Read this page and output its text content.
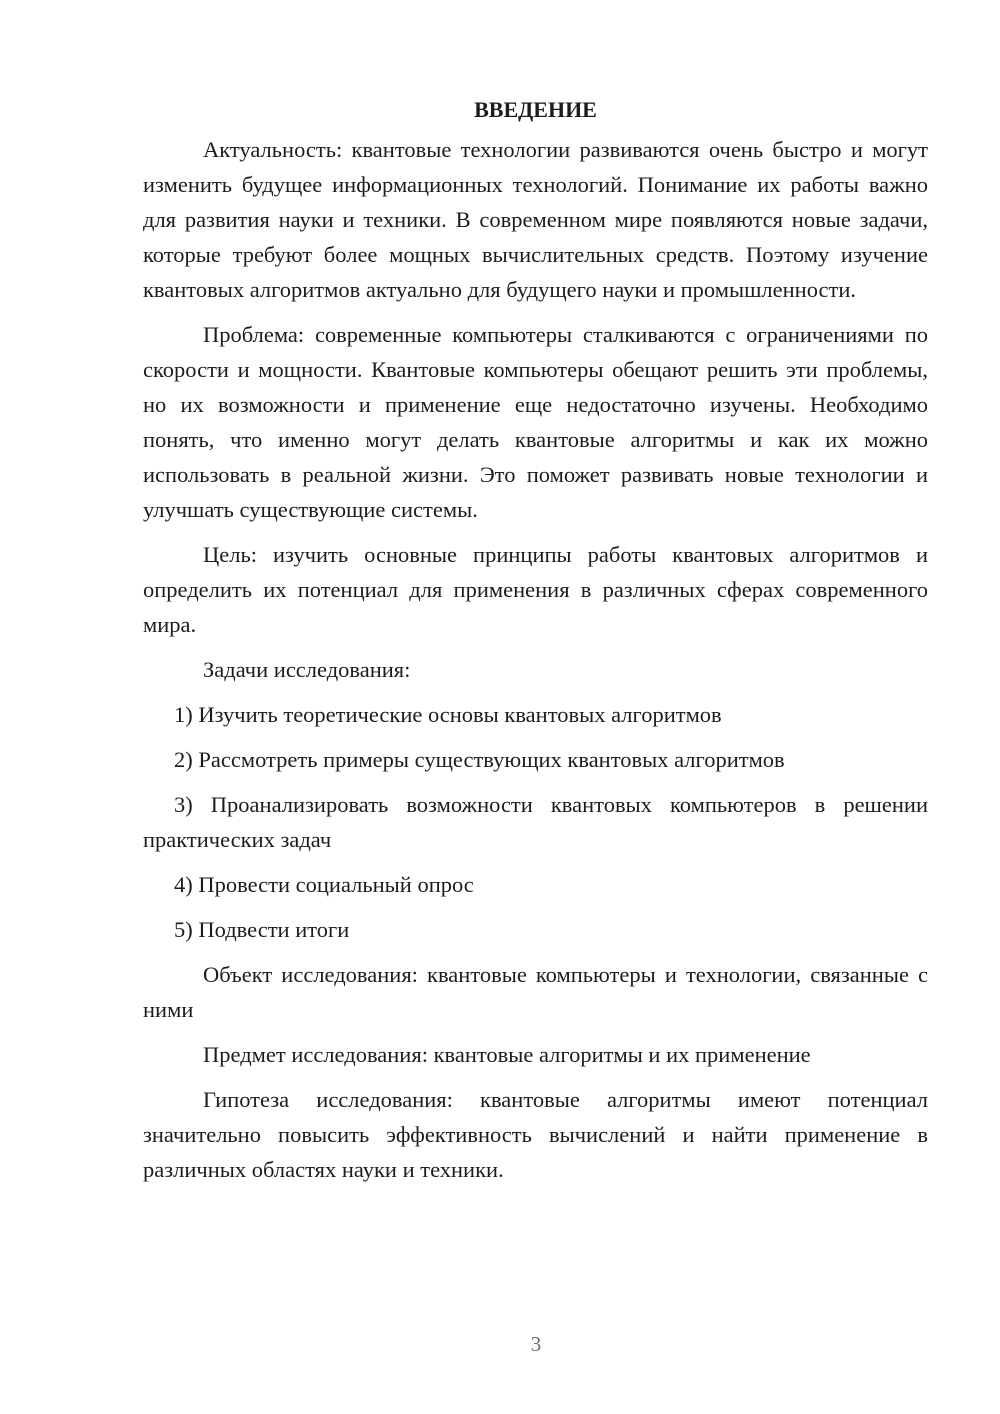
ВВЕДЕНИЕ

Актуальность: квантовые технологии развиваются очень быстро и могут изменить будущее информационных технологий. Понимание их работы важно для развития науки и техники. В современном мире появляются новые задачи, которые требуют более мощных вычислительных средств. Поэтому изучение квантовых алгоритмов актуально для будущего науки и промышленности.

Проблема: современные компьютеры сталкиваются с ограничениями по скорости и мощности. Квантовые компьютеры обещают решить эти проблемы, но их возможности и применение еще недостаточно изучены. Необходимо понять, что именно могут делать квантовые алгоритмы и как их можно использовать в реальной жизни. Это поможет развивать новые технологии и улучшать существующие системы.

Цель: изучить основные принципы работы квантовых алгоритмов и определить их потенциал для применения в различных сферах современного мира.

Задачи исследования:

1) Изучить теоретические основы квантовых алгоритмов

2) Рассмотреть примеры существующих квантовых алгоритмов

3) Проанализировать возможности квантовых компьютеров в решении практических задач

4) Провести социальный опрос

5) Подвести итоги

Объект исследования: квантовые компьютеры и технологии, связанные с ними

Предмет исследования: квантовые алгоритмы и их применение

Гипотеза исследования: квантовые алгоритмы имеют потенциал значительно повысить эффективность вычислений и найти применение в различных областях науки и техники.

3
